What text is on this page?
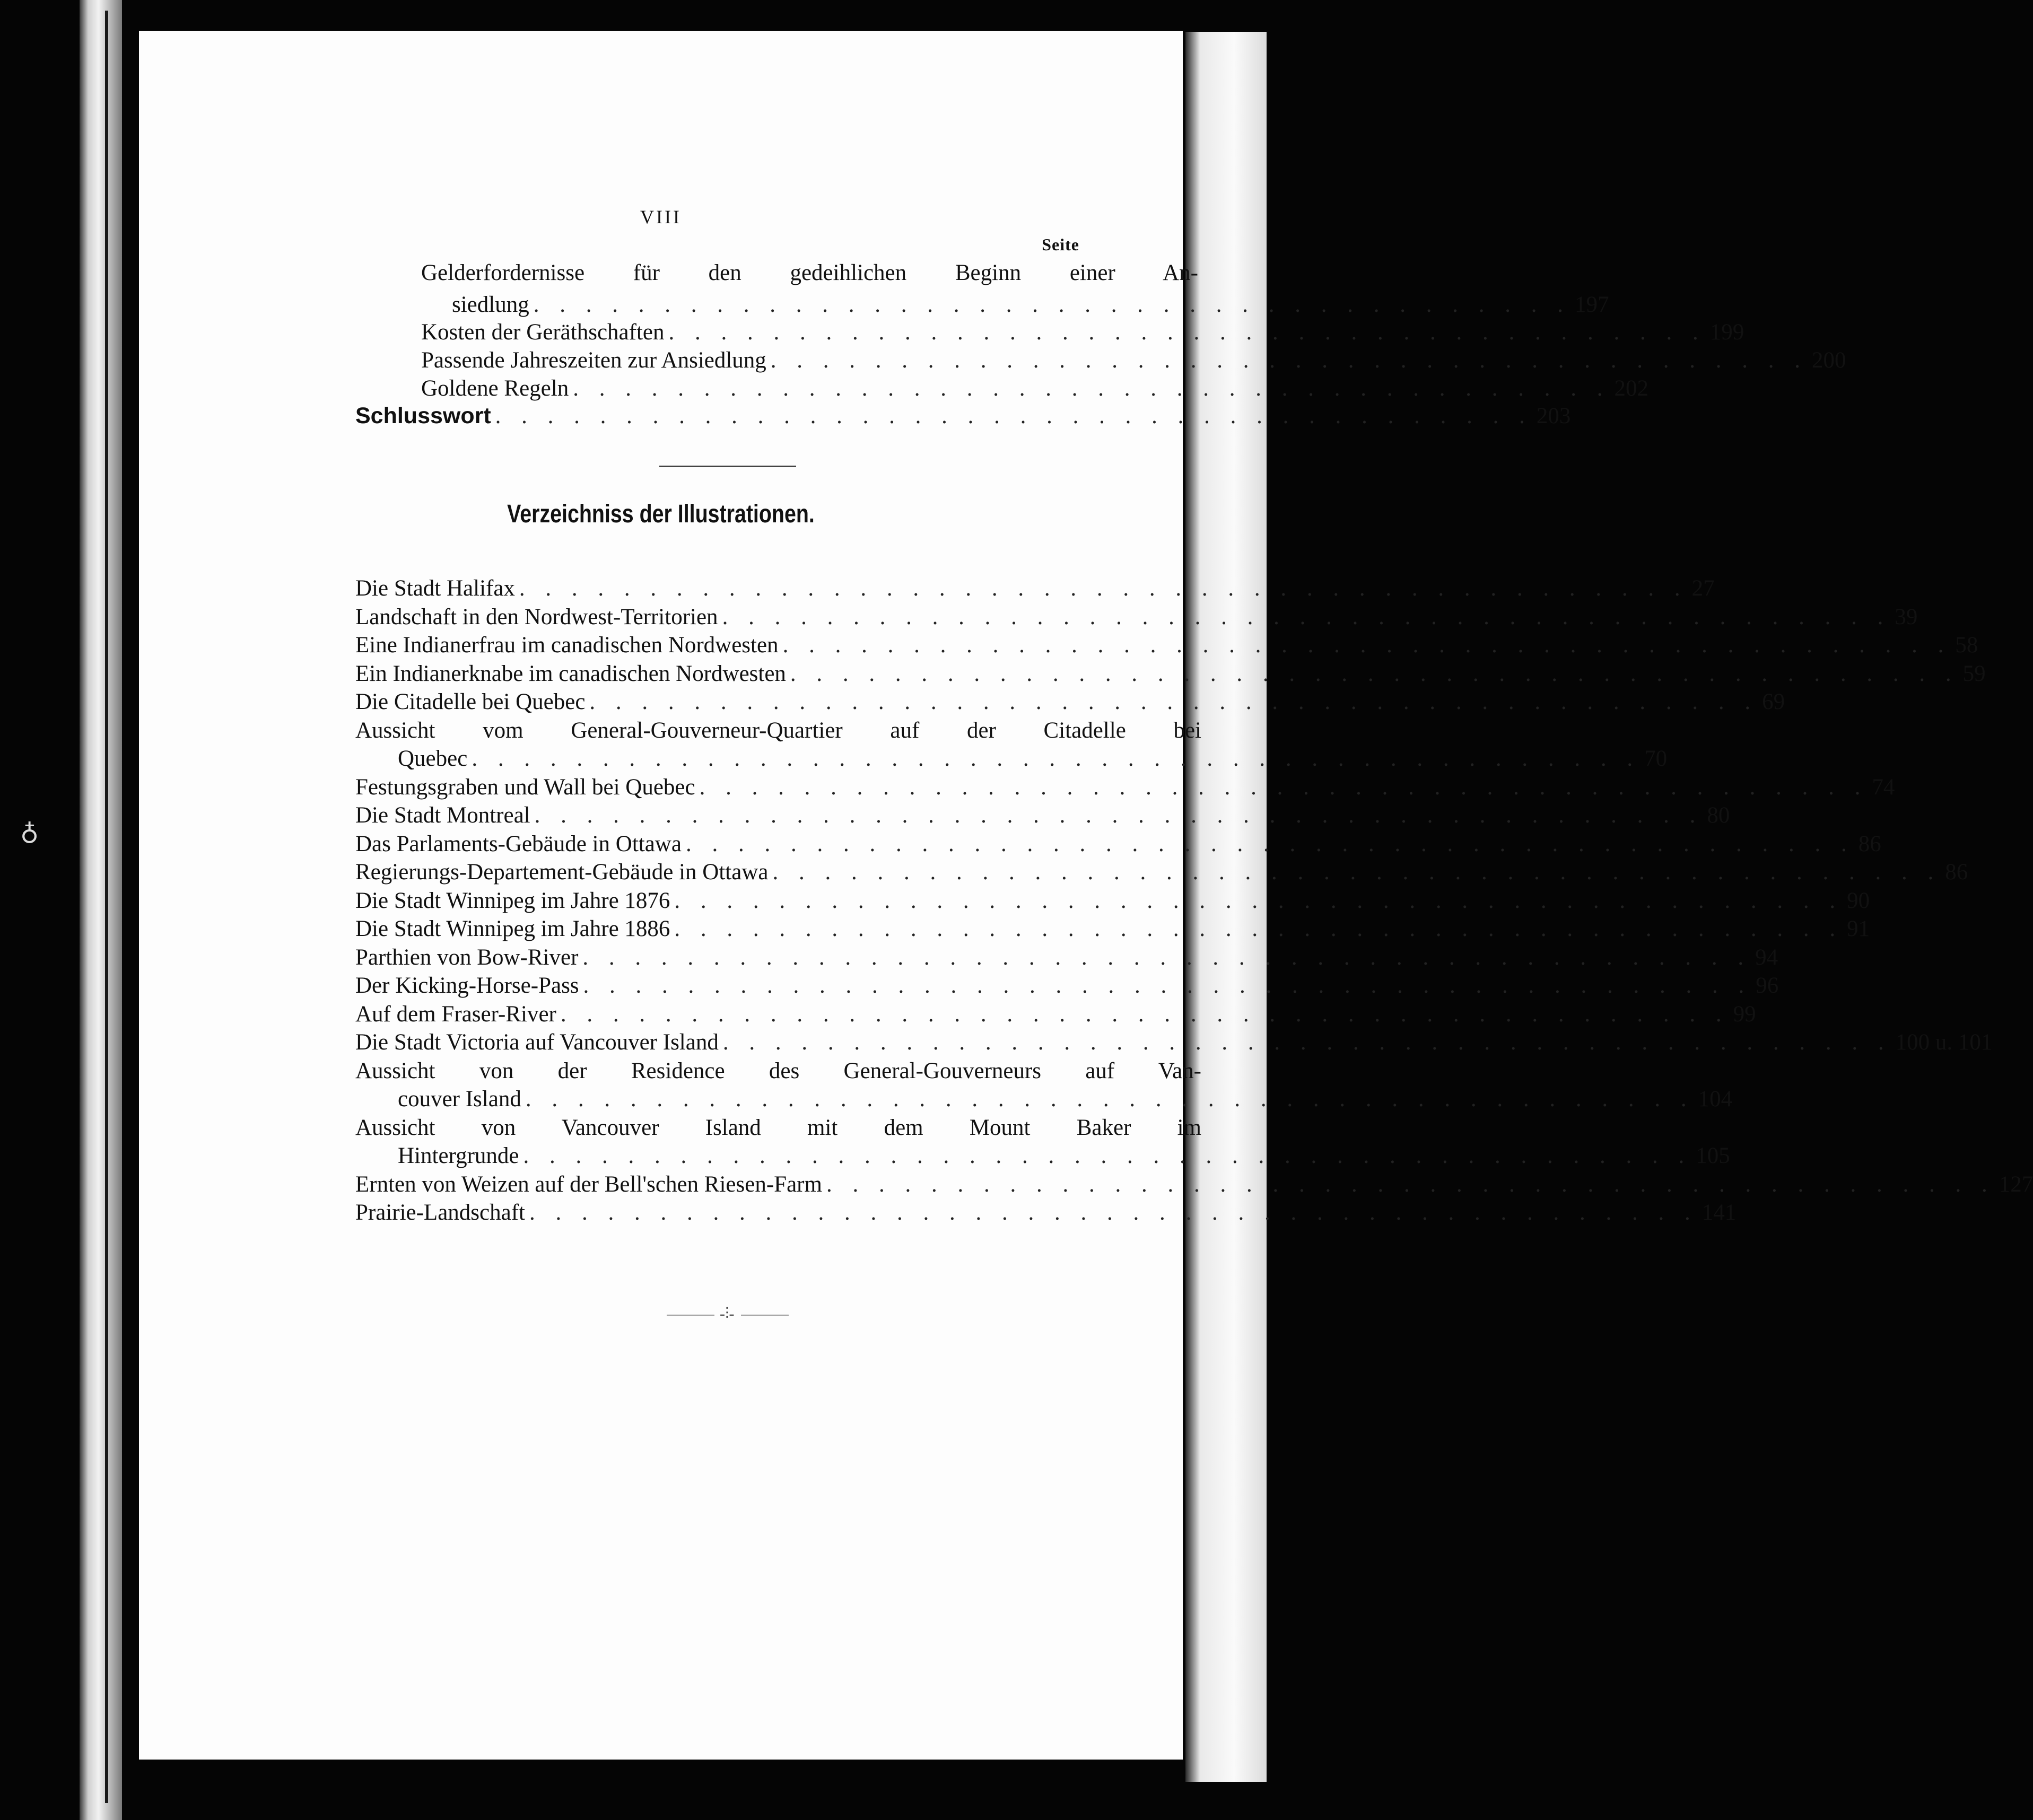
VIII
Seite
Gelderfordernisse für den gedeihlichen Beginn einer An-
siedlung . . . . . . . . . . . . . . . . . . . . . . . . . . . . . . . . . . . . . . . . 197
Kosten der Geräthschaften . . . . . . . . . . . . . . . . . . . . . . . . . . . . . . . . . . . . . . . . 199
Passende Jahreszeiten zur Ansiedlung . . . . . . . . . . . . . . . . . . . . . . . . . . . . . . . . . . . . . . . . 200
Goldene Regeln . . . . . . . . . . . . . . . . . . . . . . . . . . . . . . . . . . . . . . . . 202
Schlusswort . . . . . . . . . . . . . . . . . . . . . . . . . . . . . . . . . . . . . . . . 203
Verzeichniss der Illustrationen.
Die Stadt Halifax . . . . . . . . . . . . . . . . . . . . . . . . . . . . . . . . . . . . . . . . . . . . . 27
Landschaft in den Nordwest-Territorien . . . . . . . . . . . . . . . . . . . . . . . . . . . . . . . . . . . . . . . . . . . . . 39
Eine Indianerfrau im canadischen Nordwesten . . . . . . . . . . . . . . . . . . . . . . . . . . . . . . . . . . . . . . . . . . . . . 58
Ein Indianerknabe im canadischen Nordwesten . . . . . . . . . . . . . . . . . . . . . . . . . . . . . . . . . . . . . . . . . . . . . 59
Die Citadelle bei Quebec . . . . . . . . . . . . . . . . . . . . . . . . . . . . . . . . . . . . . . . . . . . . . 69
Aussicht vom General-Gouverneur-Quartier auf der Citadelle bei
Quebec . . . . . . . . . . . . . . . . . . . . . . . . . . . . . . . . . . . . . . . . . . . . . 70
Festungsgraben und Wall bei Quebec . . . . . . . . . . . . . . . . . . . . . . . . . . . . . . . . . . . . . . . . . . . . . 74
Die Stadt Montreal . . . . . . . . . . . . . . . . . . . . . . . . . . . . . . . . . . . . . . . . . . . . . 80
Das Parlaments-Gebäude in Ottawa . . . . . . . . . . . . . . . . . . . . . . . . . . . . . . . . . . . . . . . . . . . . . 86
Regierungs-Departement-Gebäude in Ottawa . . . . . . . . . . . . . . . . . . . . . . . . . . . . . . . . . . . . . . . . . . . . . 86
Die Stadt Winnipeg im Jahre 1876 . . . . . . . . . . . . . . . . . . . . . . . . . . . . . . . . . . . . . . . . . . . . . 90
Die Stadt Winnipeg im Jahre 1886 . . . . . . . . . . . . . . . . . . . . . . . . . . . . . . . . . . . . . . . . . . . . . 91
Parthien von Bow-River . . . . . . . . . . . . . . . . . . . . . . . . . . . . . . . . . . . . . . . . . . . . . 94
Der Kicking-Horse-Pass . . . . . . . . . . . . . . . . . . . . . . . . . . . . . . . . . . . . . . . . . . . . . 96
Auf dem Fraser-River . . . . . . . . . . . . . . . . . . . . . . . . . . . . . . . . . . . . . . . . . . . . . 99
Die Stadt Victoria auf Vancouver Island . . . . . . . . . . . . . . . . . . . . . . . . . . . . . . . . . . . . . . . . . . . . . 100 u. 101
Aussicht von der Residence des General-Gouverneurs auf Van-
couver Island . . . . . . . . . . . . . . . . . . . . . . . . . . . . . . . . . . . . . . . . . . . . . 104
Aussicht von Vancouver Island mit dem Mount Baker im
Hintergrunde . . . . . . . . . . . . . . . . . . . . . . . . . . . . . . . . . . . . . . . . . . . . . 105
Ernten von Weizen auf der Bell'schen Riesen-Farm . . . . . . . . . . . . . . . . . . . . . . . . . . . . . . . . . . . . . . . . . . . . . 127
Prairie-Landschaft . . . . . . . . . . . . . . . . . . . . . . . . . . . . . . . . . . . . . . . . . . . . . 141
-⫶-
♁
